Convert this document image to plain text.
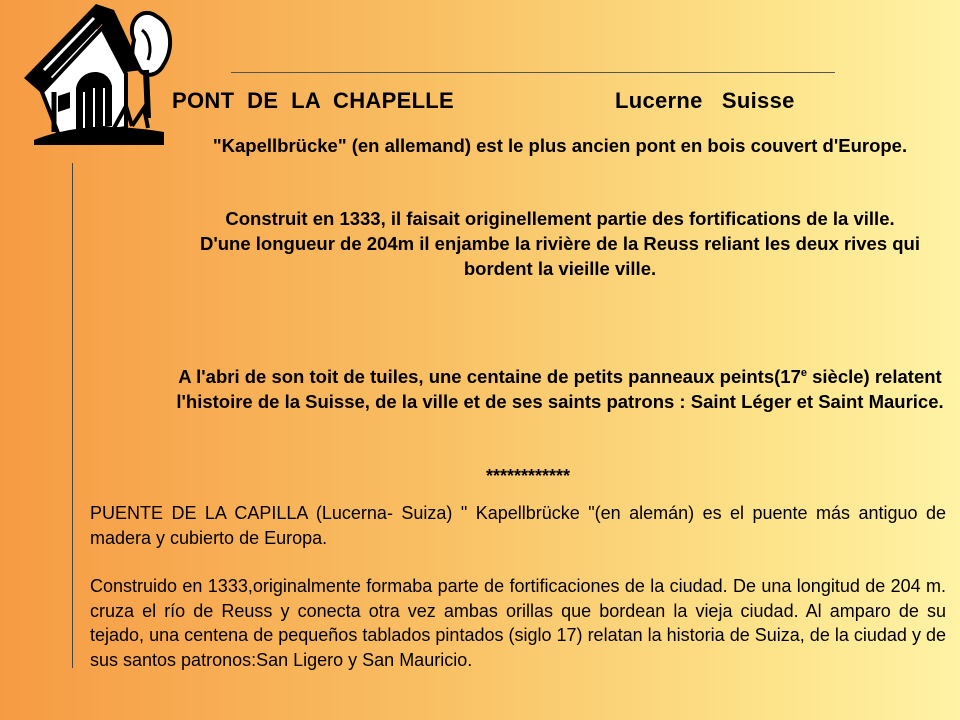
PONT  DE  LA  CHAPELLE	Lucerne   Suisse
"Kapellbrücke" (en allemand) est le plus ancien pont en bois couvert d'Europe.
Construit en 1333, il faisait originellement partie des fortifications de la ville.
D'une longueur de 204m il enjambe la rivière de la Reuss reliant les deux rives qui bordent la vieille ville.
A l'abri de son toit de tuiles, une centaine de petits panneaux peints(17e siècle) relatent l'histoire de la Suisse, de la ville et de ses saints patrons : Saint Léger et Saint Maurice.
************
PUENTE DE LA CAPILLA (Lucerna- Suiza) " Kapellbrücke "(en alemán) es el puente más antiguo de madera y cubierto de Europa.
Construido en 1333,originalmente formaba parte de fortificaciones de la ciudad. De una longitud de 204 m. cruza el río de Reuss y conecta otra vez ambas orillas que bordean la vieja ciudad. Al amparo de su tejado, una centena de pequeños tablados pintados (siglo 17) relatan la historia de Suiza, de la ciudad y de sus santos patronos:San Ligero y San Mauricio.
